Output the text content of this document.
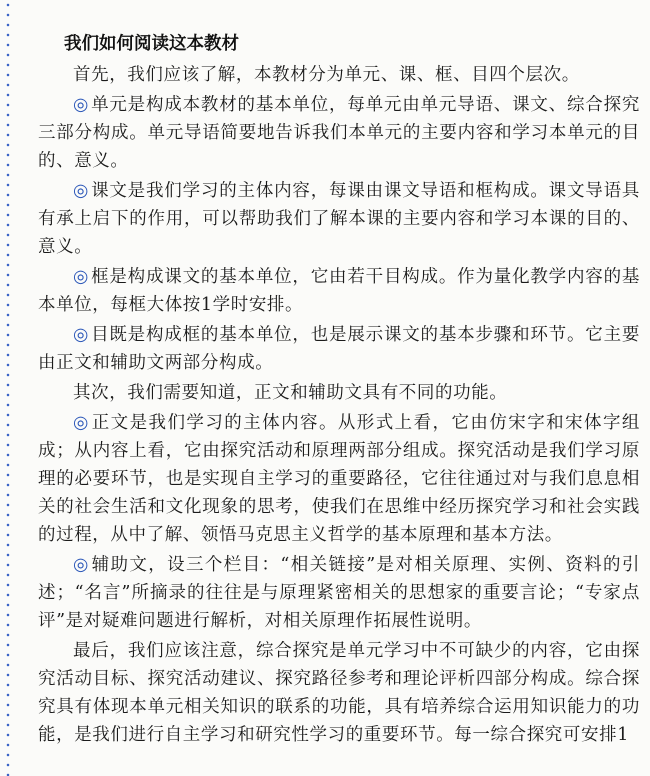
我们如何阅读这本教材

首先，我们应该了解，本教材分为单元、课、框、目四个层次。

◎ 单元是构成本教材的基本单位，每单元由单元导语、课文、综合探究三部分构成。单元导语简要地告诉我们本单元的主要内容和学习本单元的目的、意义。

◎ 课文是我们学习的主体内容，每课由课文导语和框构成。课文导语具有承上启下的作用，可以帮助我们了解本课的主要内容和学习本课的目的、意义。

◎ 框是构成课文的基本单位，它由若干目构成。作为量化教学内容的基本单位，每框大体按1学时安排。

◎ 目既是构成框的基本单位，也是展示课文的基本步骤和环节。它主要由正文和辅助文两部分构成。

其次，我们需要知道，正文和辅助文具有不同的功能。

◎ 正文是我们学习的主体内容。从形式上看，它由仿宋字和宋体字组成；从内容上看，它由探究活动和原理两部分组成。探究活动是我们学习原理的必要环节，也是实现自主学习的重要路径，它往往通过对与我们息息相关的社会生活和文化现象的思考，使我们在思维中经历探究学习和社会实践的过程，从中了解、领悟马克思主义哲学的基本原理和基本方法。

◎ 辅助文，设三个栏目：“相关链接”是对相关原理、实例、资料的引述；“名言”所摘录的往往是与原理紧密相关的思想家的重要言论；“专家点评”是对疑难问题进行解析，对相关原理作拓展性说明。

最后，我们应该注意，综合探究是单元学习中不可缺少的内容，它由探究活动目标、探究活动建议、探究路径参考和理论评析四部分构成。综合探究具有体现本单元相关知识的联系的功能，具有培养综合运用知识能力的功能，是我们进行自主学习和研究性学习的重要环节。每一综合探究可安排1
